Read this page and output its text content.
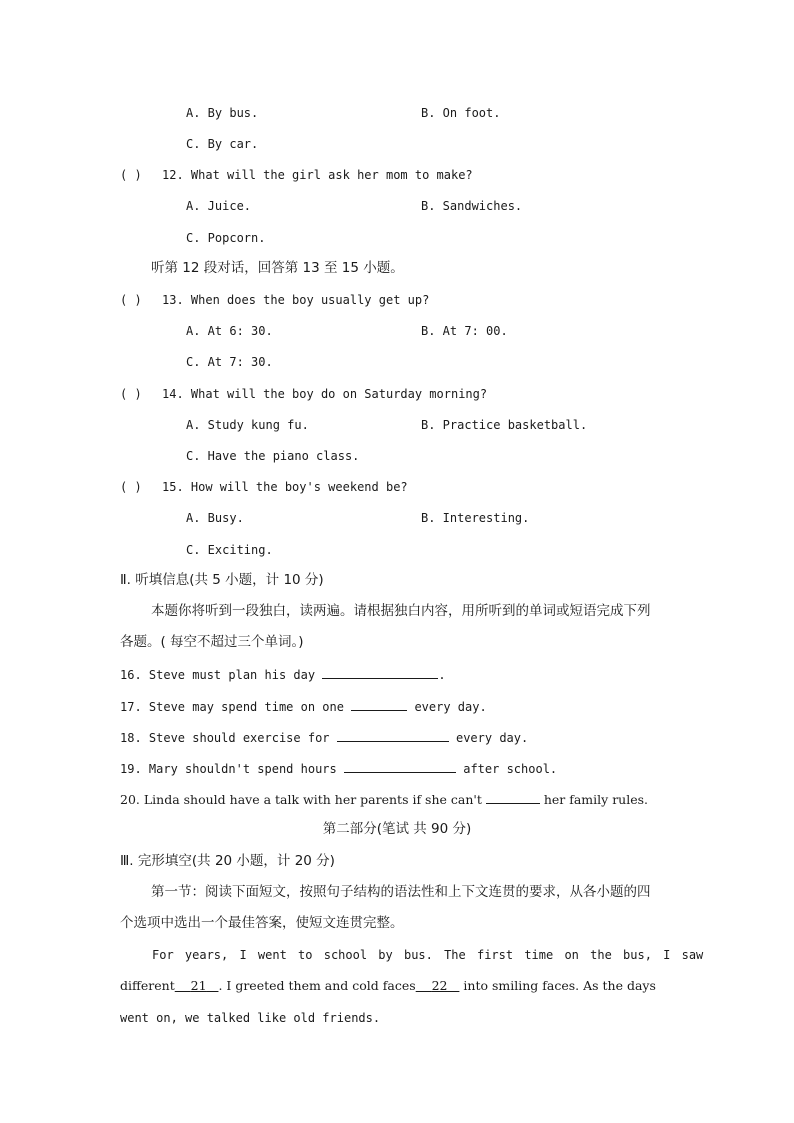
A. By bus.	B. On foot.
C. By car.
( ) 12. What will the girl ask her mom to make?
A. Juice.	B. Sandwiches.
C. Popcorn.
听第 12 段对话，回答第 13 至 15 小题。
( ) 13. When does the boy usually get up?
A. At 6: 30.	B. At 7: 00.
C. At 7: 30.
( ) 14. What will the boy do on Saturday morning?
A. Study kung fu.	B. Practice basketball.
C. Have the piano class.
( ) 15. How will the boy's weekend be?
A. Busy.	B. Interesting.
C. Exciting.
Ⅱ. 听填信息(共 5 小题，计 10 分)
本题你将听到一段独白，读两遍。请根据独白内容，用所听到的单词或短语完成下列
各题。( 每空不超过三个单词。)
16. Steve must plan his day	.
17. Steve may spend time on one	every day.
18. Steve should exercise for	every day.
19. Mary shouldn't spend hours	after school.
20. Linda should have a talk with her parents if she can't	her family rules.
第二部分(笔试 共 90 分)
Ⅲ. 完形填空(共 20 小题，计 20 分)
第一节：阅读下面短文，按照句子结构的语法性和上下文连贯的要求，从各小题的四
个选项中选出一个最佳答案，使短文连贯完整。
For years, I went to school by bus. The first time on the bus, I saw
different 21 . I greeted them and cold faces 22 into smiling faces. As the days
went on, we talked like old friends.
